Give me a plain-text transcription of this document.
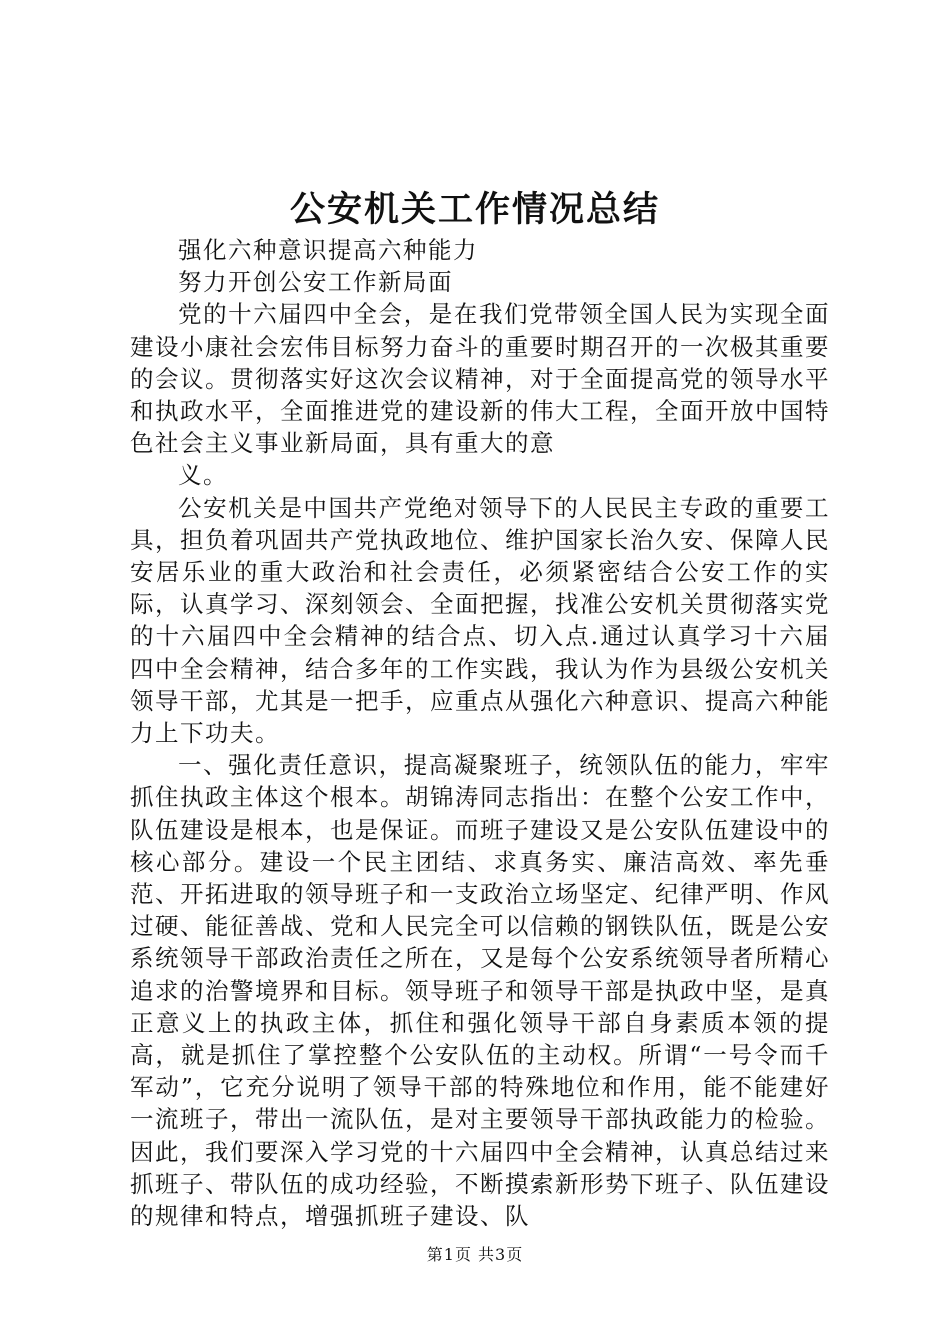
公安机关工作情况总结

强化六种意识提高六种能力

努力开创公安工作新局面

党的十六届四中全会，是在我们党带领全国人民为实现全面建设小康社会宏伟目标努力奋斗的重要时期召开的一次极其重要的会议。贯彻落实好这次会议精神，对于全面提高党的领导水平和执政水平，全面推进党的建设新的伟大工程，全面开放中国特色社会主义事业新局面，具有重大的意

义。

公安机关是中国共产党绝对领导下的人民民主专政的重要工具，担负着巩固共产党执政地位、维护国家长治久安、保障人民安居乐业的重大政治和社会责任，必须紧密结合公安工作的实际，认真学习、深刻领会、全面把握，找准公安机关贯彻落实党的十六届四中全会精神的结合点、切入点.通过认真学习十六届四中全会精神，结合多年的工作实践，我认为作为县级公安机关领导干部，尤其是一把手，应重点从强化六种意识、提高六种能力上下功夫。

一、强化责任意识，提高凝聚班子，统领队伍的能力，牢牢抓住执政主体这个根本。胡锦涛同志指出：在整个公安工作中，队伍建设是根本，也是保证。而班子建设又是公安队伍建设中的核心部分。建设一个民主团结、求真务实、廉洁高效、率先垂范、开拓进取的领导班子和一支政治立场坚定、纪律严明、作风过硬、能征善战、党和人民完全可以信赖的钢铁队伍，既是公安系统领导干部政治责任之所在，又是每个公安系统领导者所精心追求的治警境界和目标。领导班子和领导干部是执政中坚，是真正意义上的执政主体，抓住和强化领导干部自身素质本领的提高，就是抓住了掌控整个公安队伍的主动权。所谓“一号令而千军动”，它充分说明了领导干部的特殊地位和作用，能不能建好一流班子，带出一流队伍，是对主要领导干部执政能力的检验。因此，我们要深入学习党的十六届四中全会精神，认真总结过来抓班子、带队伍的成功经验，不断摸索新形势下班子、队伍建设的规律和特点，增强抓班子建设、队

第1页 共3页
